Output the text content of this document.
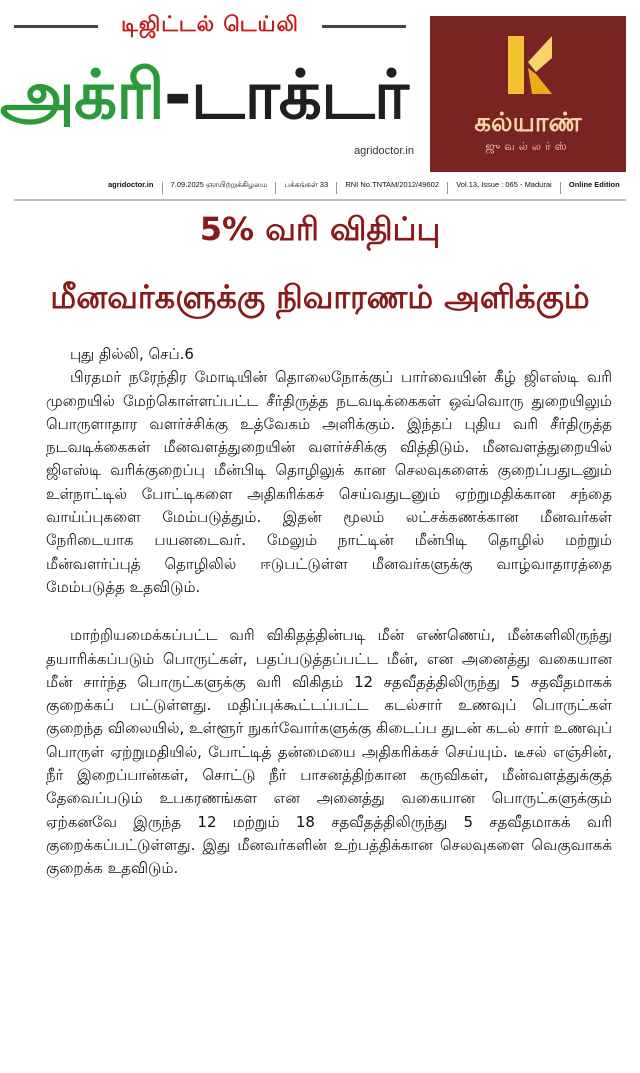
டிஜிட்டல் டெய்லி
அக்ரி-டாக்டர்
agridoctor.in
கல்யாண்
ஜுவல்லர்ஸ்
agridoctor.in 7.09.2025 ஞாயிற்றுக்கிழமை பக்கங்கள் 33 RNI No.TNTAM/2012/49602 Vol.13, Issue : 065 - Madurai Online Edition
5% வரி விதிப்பு
மீனவர்களுக்கு நிவாரணம் அளிக்கும்

புது தில்லி, செப்.6

பிரதமர் நரேந்திர மோடியின் தொலைநோக்குப் பார்வையின் கீழ் ஜிஎஸ்டி வரி முறையில் மேற்கொள்ளப்பட்ட சீர்திருத்த நடவடிக்கைகள் ஒவ்வொரு துறையிலும் பொருளாதார வளர்ச்சிக்கு உத்வேகம் அளிக்கும். இந்தப் புதிய வரி சீர்திருத்த நடவடிக்கைகள் மீனவளத்துறையின் வளர்ச்சிக்கு வித்திடும். மீனவளத்துறையில் ஜிஎஸ்டி வரிக்குறைப்பு மீன்பிடி தொழிலுக் கான செலவுகளைக் குறைப்பதுடனும் உள்நாட்டில் போட்டிகளை அதிகரிக்கச் செய்வதுடனும் ஏற்றுமதிக்கான சந்தை வாய்ப்புகளை மேம்படுத்தும். இதன் மூலம் லட்சக்கணக்கான மீனவர்கள் நேரிடையாக பயனடைவர். மேலும் நாட்டின் மீன்பிடி தொழில் மற்றும் மீன்வளர்ப்புத் தொழிலில் ஈடுபட்டுள்ள மீனவர்களுக்கு வாழ்வாதாரத்தை மேம்படுத்த உதவிடும்.

மாற்றியமைக்கப்பட்ட வரி விகிதத்தின்படி மீன் எண்ணெய், மீன்களிலிருந்து தயாரிக்கப்படும் பொருட்கள், பதப்படுத்தப்பட்ட மீன், என அனைத்து வகையான மீன் சார்ந்த பொருட்களுக்கு வரி விகிதம் 12 சதவீதத்திலிருந்து 5 சதவீதமாகக் குறைக்கப் பட்டுள்ளது. மதிப்புக்கூட்டப்பட்ட கடல்சார் உணவுப் பொருட்கள் குறைந்த விலையில், உள்ளூர் நுகர்வோர்களுக்கு கிடைப்ப துடன் கடல் சார் உணவுப் பொருள் ஏற்றுமதியில், போட்டித் தன்மையை அதிகரிக்கச் செய்யும். டீசல் எஞ்சின், நீர் இறைப்பான்கள், சொட்டு நீர் பாசனத்திற்கான கருவிகள், மீன்வளத்துக்குத் தேவைப்படும் உபகரணங்கள என அனைத்து வகையான பொருட்களுக்கும் ஏற்கனவே இருந்த 12 மற்றும் 18 சதவீதத்திலிருந்து 5 சதவீதமாகக் வரி குறைக்கப்பட்டுள்ளது. இது மீனவர்களின் உற்பத்திக்கான செலவுகளை வெகுவாகக் குறைக்க உதவிடும்.
